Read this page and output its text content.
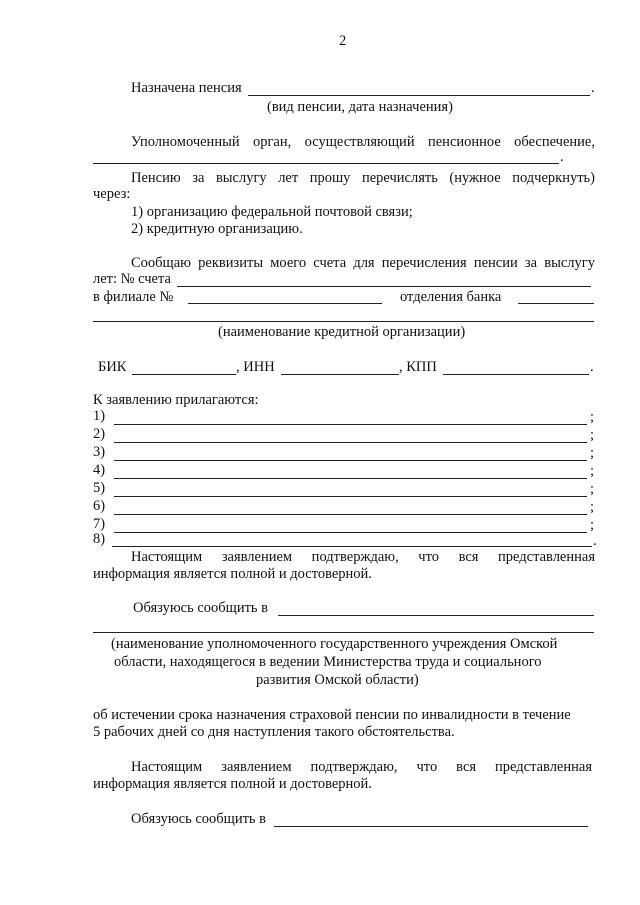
2
Назначена пенсия	.
(вид пенсии, дата назначения)
Уполномоченный орган, осуществляющий пенсионное обеспечение,
.
Пенсию за выслугу лет прошу перечислять (нужное подчеркнуть)
через:
1) организацию федеральной почтовой связи;
2) кредитную организацию.
Сообщаю реквизиты моего счета для перечисления пенсии за выслугу
лет: № счета
в филиале №	отделения банка
(наименование кредитной организации)
БИК	, ИНН	, КПП	.
К заявлению прилагаются:
1)	;
2)	;
3)	;
4)	;
5)	;
6)	;
7)	;
8)	.
Настоящим заявлением подтверждаю, что вся представленная
информация является полной и достоверной.
Обязуюсь сообщить в
(наименование уполномоченного государственного учреждения Омской
области, находящегося в ведении Министерства труда и социального
развития Омской области)
об истечении срока назначения страховой пенсии по инвалидности в течение
5 рабочих дней со дня наступления такого обстоятельства.
Настоящим заявлением подтверждаю, что вся представленная
информация является полной и достоверной.
Обязуюсь сообщить в
